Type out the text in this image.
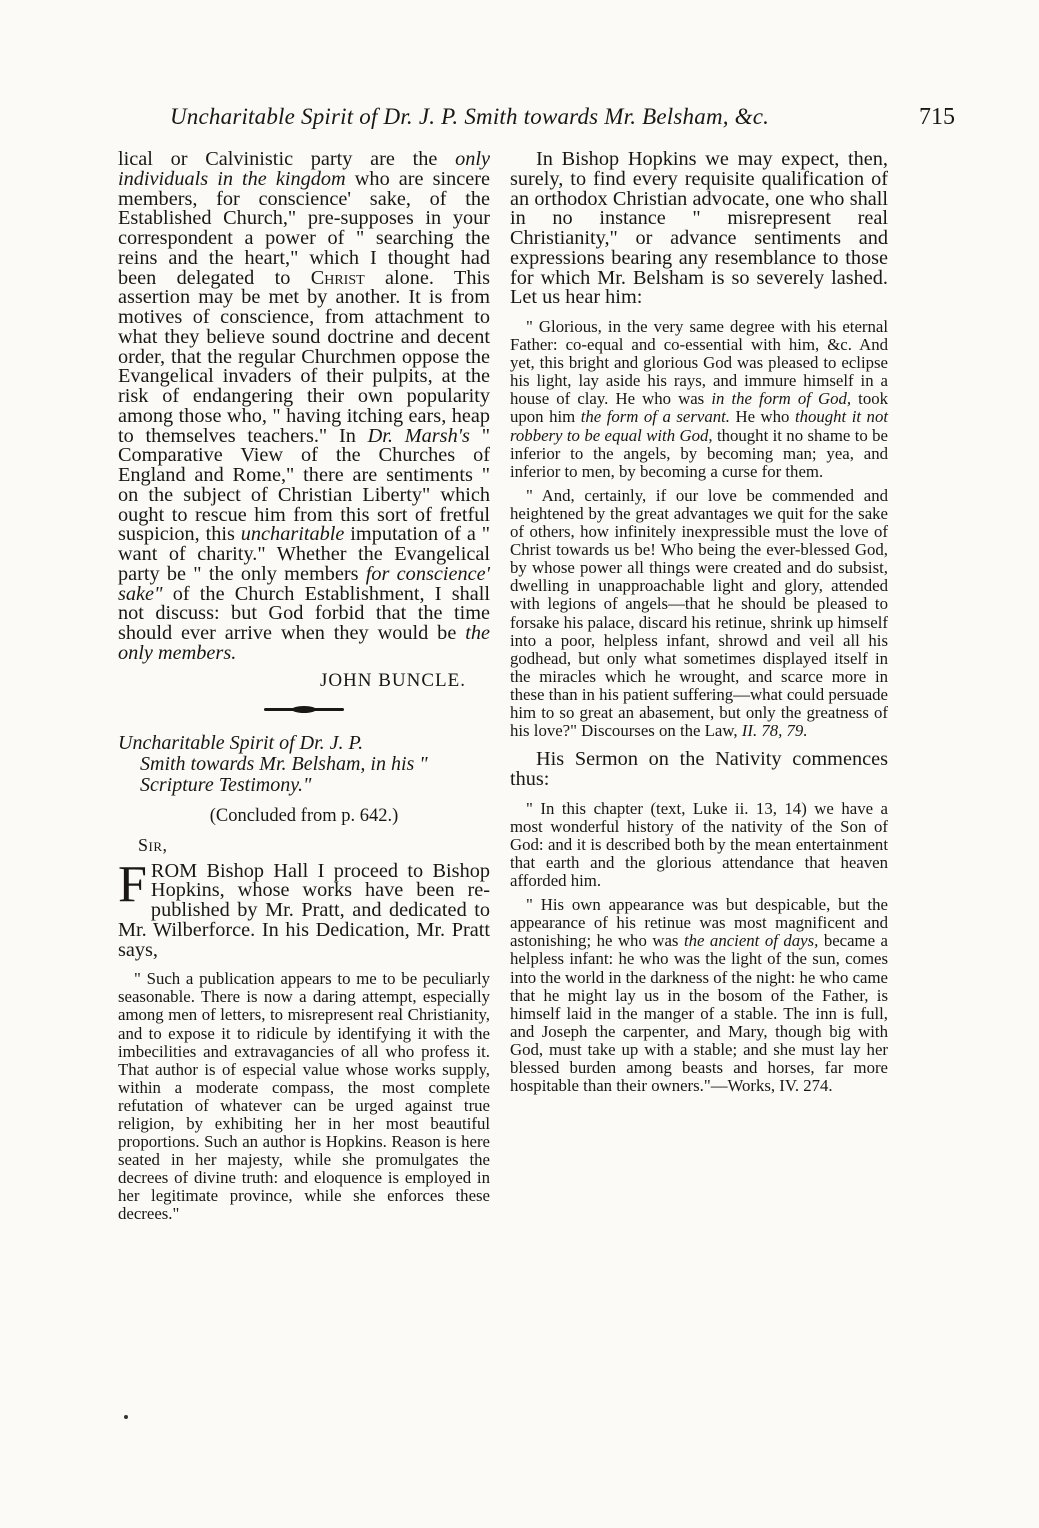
Uncharitable Spirit of Dr. J. P. Smith towards Mr. Belsham, &c.	715

lical or Calvinistic party are the only individuals in the kingdom who are sincere members, for conscience' sake, of the Established Church," pre-supposes in your correspondent a power of " searching the reins and the heart," which I thought had been delegated to Christ alone. This assertion may be met by another. It is from motives of conscience, from attachment to what they believe sound doctrine and decent order, that the regular Churchmen oppose the Evangelical invaders of their pulpits, at the risk of endangering their own popularity among those who, " having itching ears, heap to themselves teachers." In Dr. Marsh's " Comparative View of the Churches of England and Rome," there are sentiments " on the subject of Christian Liberty" which ought to rescue him from this sort of fretful suspicion, this uncharitable imputation of a " want of charity." Whether the Evangelical party be " the only members for conscience' sake" of the Church Establishment, I shall not discuss: but God forbid that the time should ever arrive when they would be the only members.

JOHN BUNCLE.

Uncharitable Spirit of Dr. J. P.
Smith towards Mr. Belsham, in his " Scripture Testimony."

(Concluded from p. 642.)
Sir,

FROM Bishop Hall I proceed to Bishop Hopkins, whose works have been re-published by Mr. Pratt, and dedicated to Mr. Wilberforce. In his Dedication, Mr. Pratt says,

" Such a publication appears to me to be peculiarly seasonable. There is now a daring attempt, especially among men of letters, to misrepresent real Christianity, and to expose it to ridicule by identifying it with the imbecilities and extravagancies of all who profess it. That author is of especial value whose works supply, within a moderate compass, the most complete refutation of whatever can be urged against true religion, by exhibiting her in her most beautiful proportions. Such an author is Hopkins. Reason is here seated in her majesty, while she promulgates the decrees of divine truth: and eloquence is employed in her legitimate province, while she enforces these decrees."

In Bishop Hopkins we may expect, then, surely, to find every requisite qualification of an orthodox Christian advocate, one who shall in no instance " misrepresent real Christianity," or advance sentiments and expressions bearing any resemblance to those for which Mr. Belsham is so severely lashed. Let us hear him:

" Glorious, in the very same degree with his eternal Father: co-equal and co-essential with him, &c. And yet, this bright and glorious God was pleased to eclipse his light, lay aside his rays, and immure himself in a house of clay. He who was in the form of God, took upon him the form of a servant. He who thought it not robbery to be equal with God, thought it no shame to be inferior to the angels, by becoming man; yea, and inferior to men, by becoming a curse for them.

" And, certainly, if our love be commended and heightened by the great advantages we quit for the sake of others, how infinitely inexpressible must the love of Christ towards us be! Who being the ever-blessed God, by whose power all things were created and do subsist, dwelling in unapproachable light and glory, attended with legions of angels—that he should be pleased to forsake his palace, discard his retinue, shrink up himself into a poor, helpless infant, shrowd and veil all his godhead, but only what sometimes displayed itself in the miracles which he wrought, and scarce more in these than in his patient suffering—what could persuade him to so great an abasement, but only the greatness of his love?" Discourses on the Law, II. 78, 79.

His Sermon on the Nativity commences thus:

" In this chapter (text, Luke ii. 13, 14) we have a most wonderful history of the nativity of the Son of God: and it is described both by the mean entertainment that earth and the glorious attendance that heaven afforded him.

" His own appearance was but despicable, but the appearance of his retinue was most magnificent and astonishing; he who was the ancient of days, became a helpless infant: he who was the light of the sun, comes into the world in the darkness of the night: he who came that he might lay us in the bosom of the Father, is himself laid in the manger of a stable. The inn is full, and Joseph the carpenter, and Mary, though big with God, must take up with a stable; and she must lay her blessed burden among beasts and horses, far more hospitable than their owners."—Works, IV. 274.
